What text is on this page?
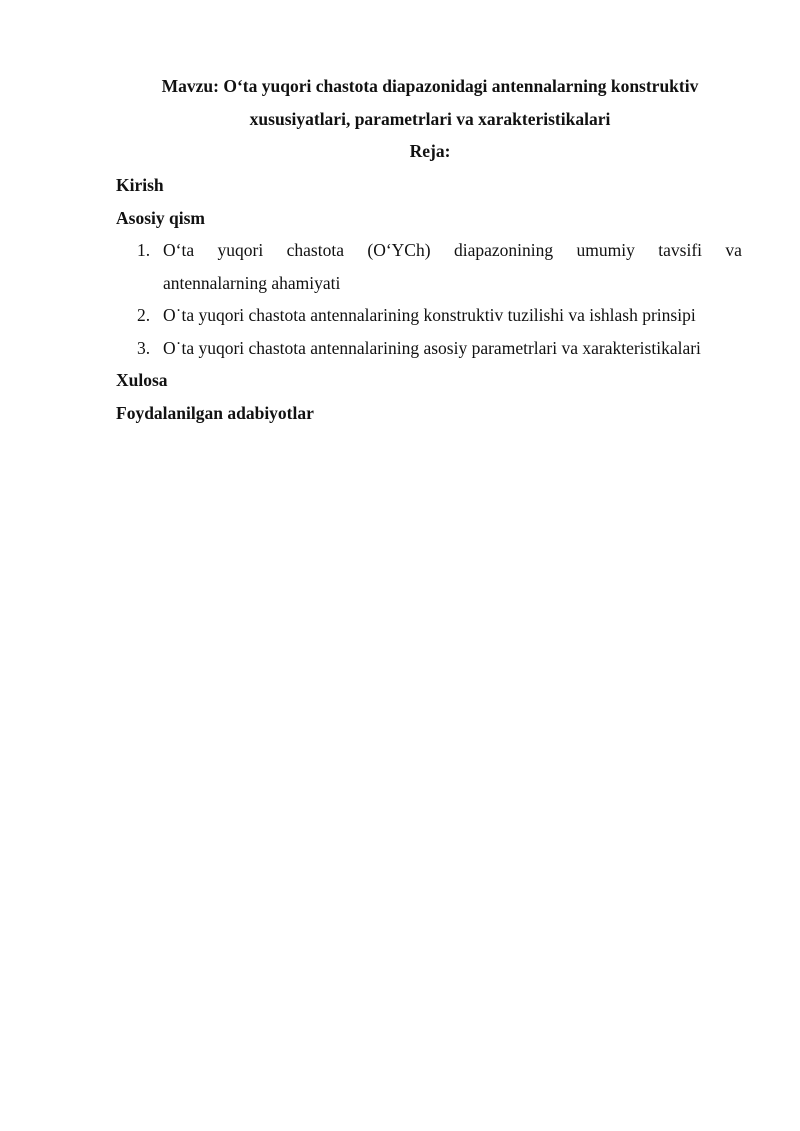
Mavzu: O‘ta yuqori chastota diapazonidagi antennalarning konstruktiv
xususiyatlari, parametrlari va xarakteristikalari
Reja:
Kirish
Asosiy qism
1. O‘ta yuqori chastota (O‘YCh) diapazonining umumiy tavsifi va
antennalarning ahamiyati
2. O˙ta yuqori chastota antennalarining konstruktiv tuzilishi va ishlash prinsipi
3. O˙ta yuqori chastota antennalarining asosiy parametrlari va xarakteristikalari
Xulosa
Foydalanilgan adabiyotlar
